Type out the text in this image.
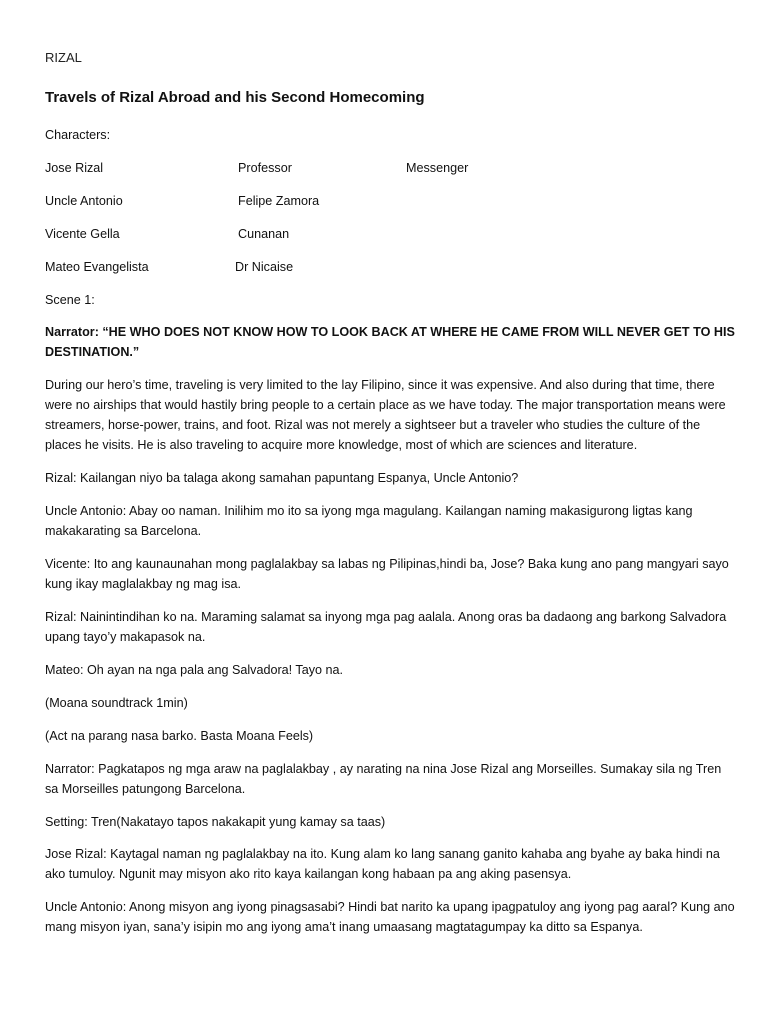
RIZAL
Travels of Rizal Abroad and his Second Homecoming
Characters:
Jose Rizal	Professor	Messenger
Uncle Antonio	Felipe Zamora
Vicente Gella	Cunanan
Mateo Evangelista	Dr Nicaise
Scene 1:
Narrator: “HE WHO DOES NOT KNOW HOW TO LOOK BACK AT WHERE HE CAME FROM WILL NEVER GET TO HIS DESTINATION.”
During our hero’s time, traveling is very limited to the lay Filipino, since it was expensive. And also during that time, there were no airships that would hastily bring people to a certain place as we have today. The major transportation means were streamers, horse-power, trains, and foot. Rizal was not merely a sightseer but a traveler who studies the culture of the places he visits. He is also traveling to acquire more knowledge, most of which are sciences and literature.
Rizal: Kailangan niyo ba talaga akong samahan papuntang Espanya, Uncle Antonio?
Uncle Antonio: Abay oo naman. Inilihim mo ito sa iyong mga magulang. Kailangan naming makasigurong ligtas kang makakarating sa Barcelona.
Vicente: Ito ang kaunaunahan mong paglalakbay sa labas ng Pilipinas,hindi ba, Jose? Baka kung ano pang mangyari sayo kung ikay maglalakbay ng mag isa.
Rizal: Nainintindihan ko na. Maraming salamat sa inyong mga pag aalala. Anong oras ba dadaong ang barkong Salvadora upang tayo’y makapasok na.
Mateo: Oh ayan na nga pala ang Salvadora! Tayo na.
(Moana soundtrack 1min)
(Act na parang nasa barko. Basta Moana Feels)
Narrator: Pagkatapos ng mga araw na paglalakbay , ay narating na nina Jose Rizal ang Morseilles. Sumakay sila ng Tren sa Morseilles patungong Barcelona.
Setting: Tren(Nakatayo tapos nakakapit yung kamay sa taas)
Jose Rizal: Kaytagal naman ng paglalakbay na ito. Kung alam ko lang sanang ganito kahaba ang byahe ay baka hindi na ako tumuloy. Ngunit may misyon ako rito kaya kailangan kong habaan pa ang aking pasensya.
Uncle Antonio: Anong misyon ang iyong pinagsasabi? Hindi bat narito ka upang ipagpatuloy ang iyong pag aaral? Kung ano mang misyon iyan, sana’y isipin mo ang iyong ama’t inang umaasang magtatagumpay ka ditto sa Espanya.
